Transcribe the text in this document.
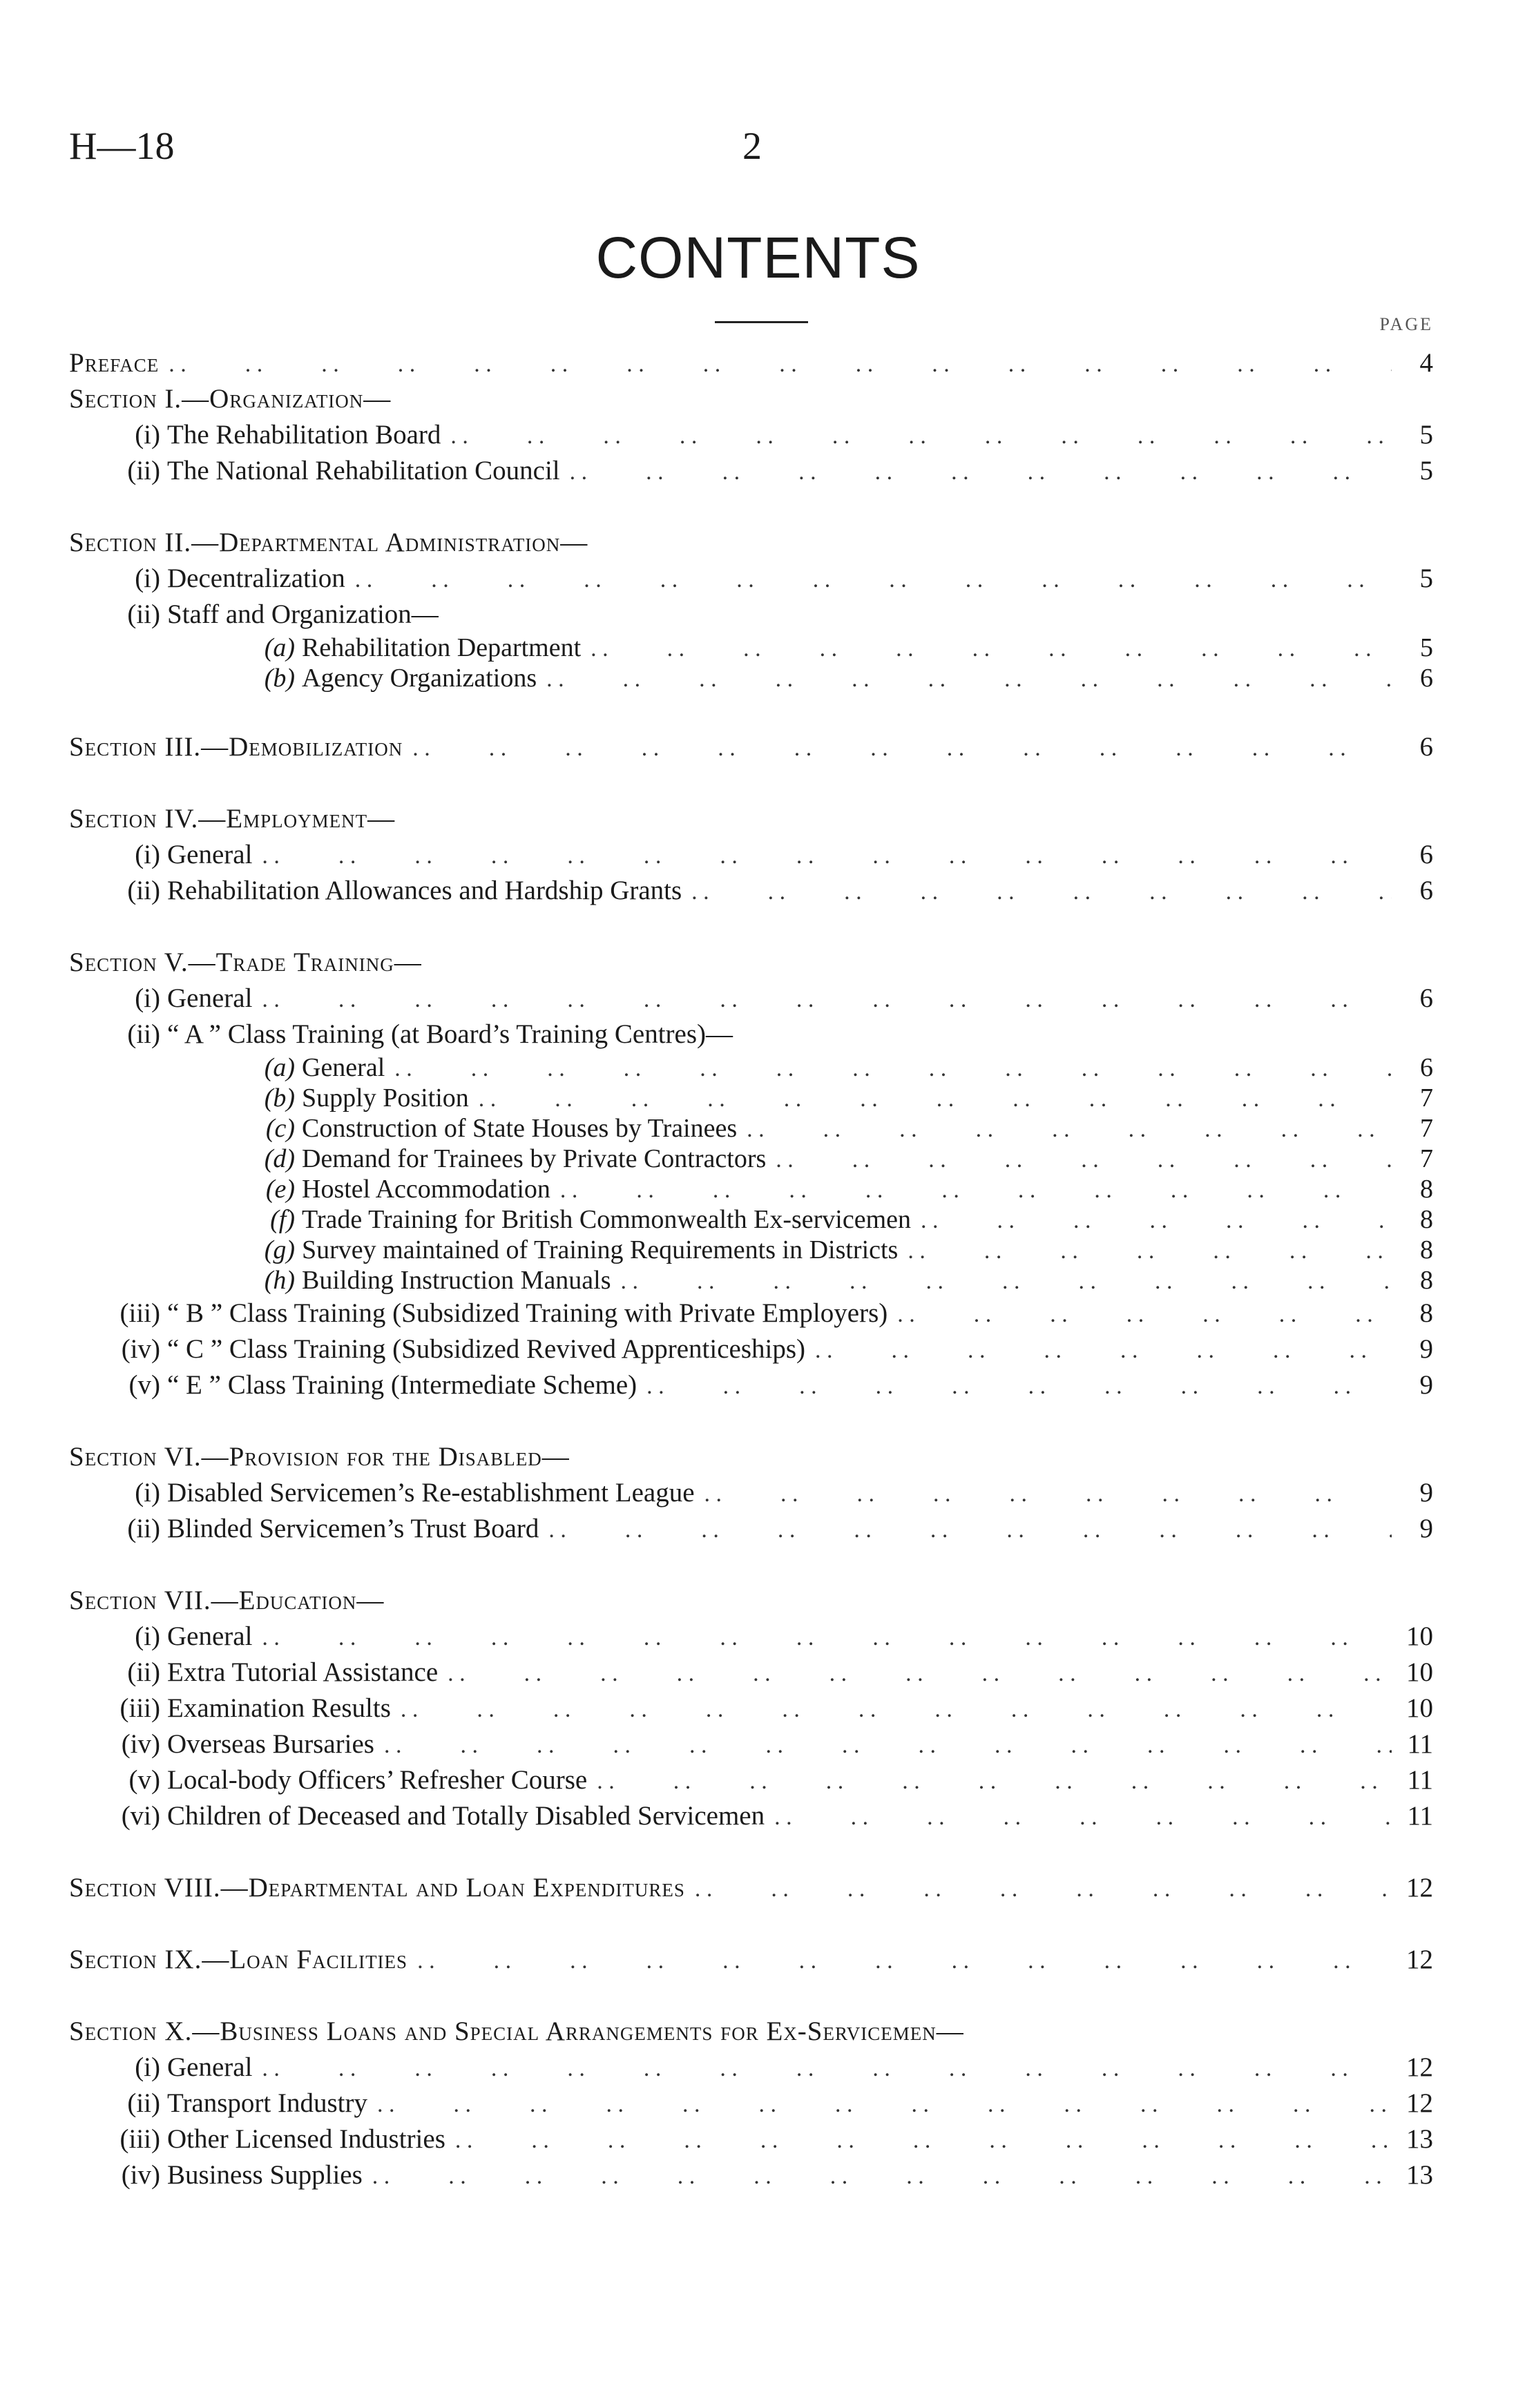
H—18	2
CONTENTS
PAGE
Preface . .	4
Section I.—Organization—
(i) The Rehabilitation Board . .	5
(ii) The National Rehabilitation Council . .	5
Section II.—Departmental Administration—
(i) Decentralization . .	5
(ii) Staff and Organization—
(a) Rehabilitation Department . .	5
(b) Agency Organizations . .	6
Section III.—Demobilization . .	6
Section IV.—Employment—
(i) General . .	6
(ii) Rehabilitation Allowances and Hardship Grants . .	6
Section V.—Trade Training—
(i) General . .	6
(ii) “ A ” Class Training (at Board’s Training Centres)—
(a) General . .	6
(b) Supply Position . .	7
(c) Construction of State Houses by Trainees . .	7
(d) Demand for Trainees by Private Contractors . .	7
(e) Hostel Accommodation . .	8
(f) Trade Training for British Commonwealth Ex-servicemen . .	8
(g) Survey maintained of Training Requirements in Districts . .	8
(h) Building Instruction Manuals . .	8
(iii) “ B ” Class Training (Subsidized Training with Private Employers) . .	8
(iv) “ C ” Class Training (Subsidized Revived Apprenticeships) . .	9
(v) “ E ” Class Training (Intermediate Scheme) . .	9
Section VI.—Provision for the Disabled—
(i) Disabled Servicemen’s Re-establishment League . .	9
(ii) Blinded Servicemen’s Trust Board . .	9
Section VII.—Education—
(i) General . .	10
(ii) Extra Tutorial Assistance . .	10
(iii) Examination Results . .	10
(iv) Overseas Bursaries . .	11
(v) Local-body Officers’ Refresher Course . .	11
(vi) Children of Deceased and Totally Disabled Servicemen . .	11
Section VIII.—Departmental and Loan Expenditures . .	12
Section IX.—Loan Facilities . .	12
Section X.—Business Loans and Special Arrangements for Ex-Servicemen—
(i) General . .	12
(ii) Transport Industry . .	12
(iii) Other Licensed Industries . .	13
(iv) Business Supplies . .	13
